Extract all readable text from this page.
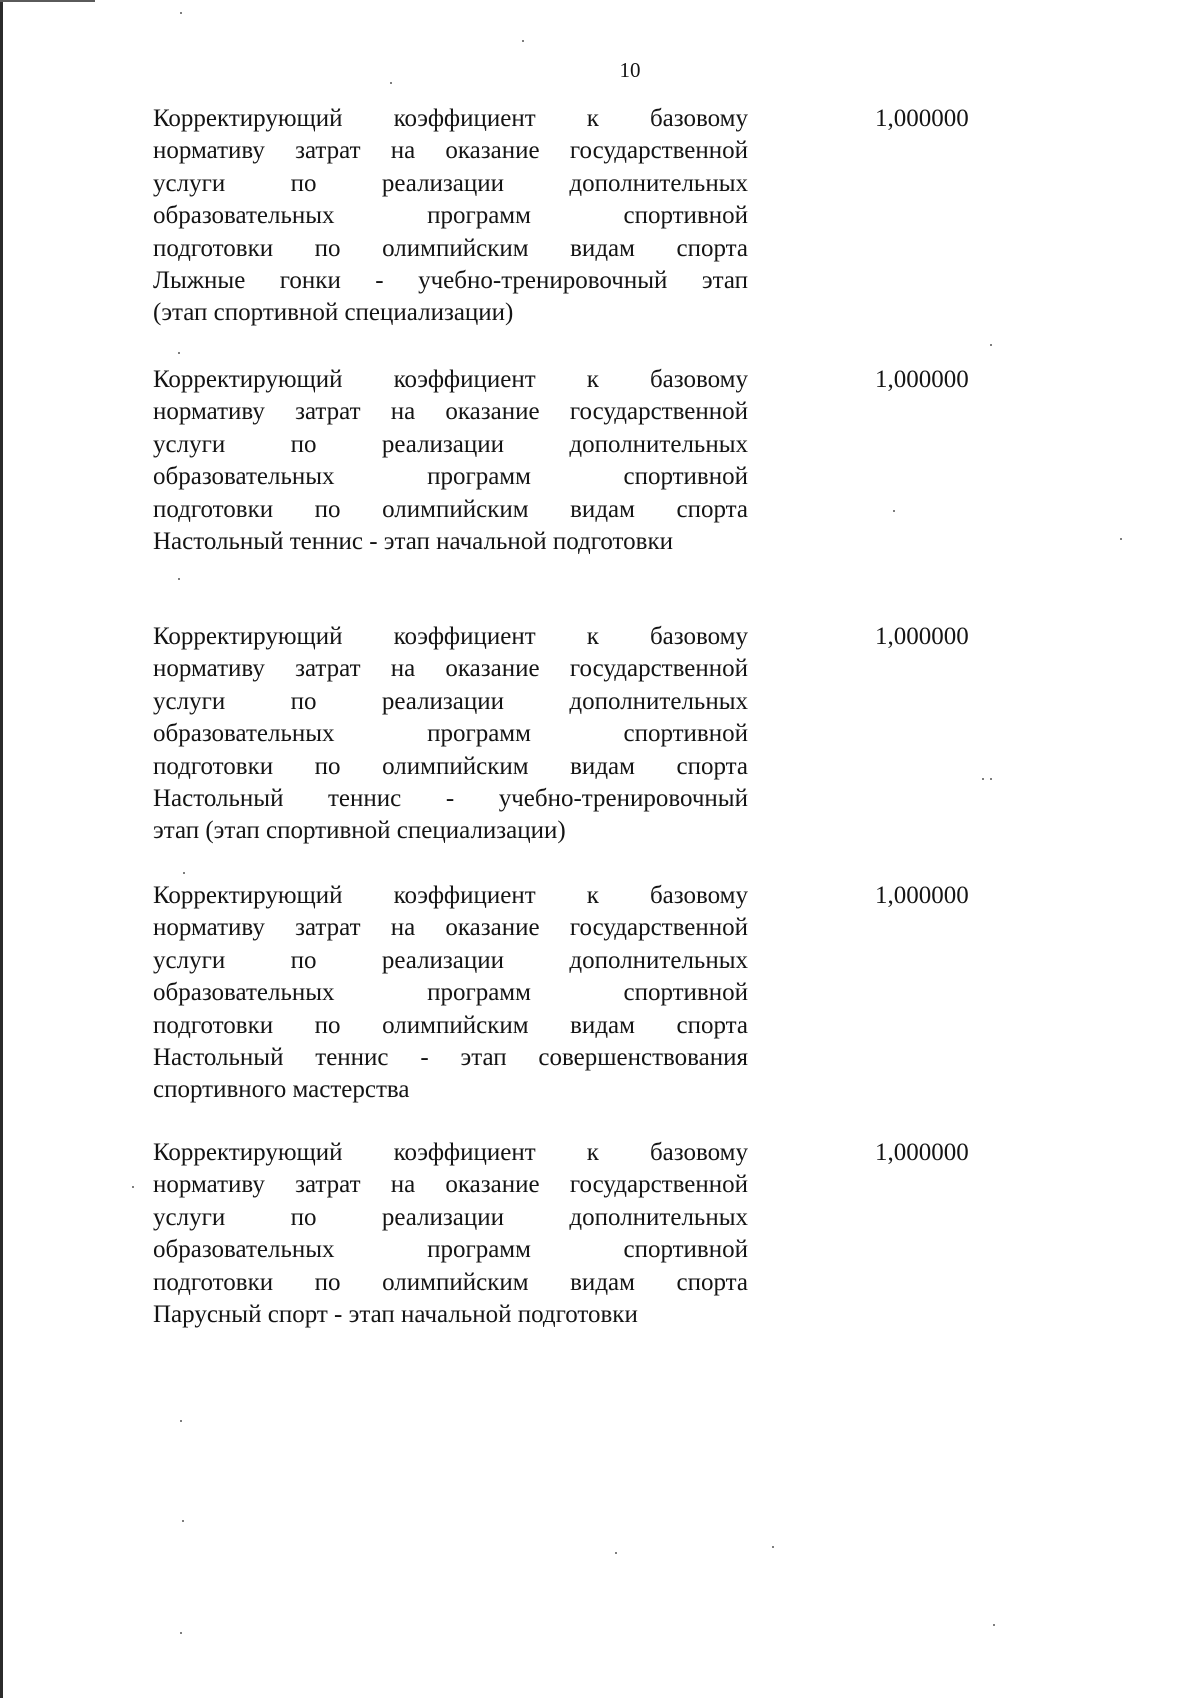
10
Корректирующий коэффициент к базовому
нормативу затрат на оказание государственной
услуги по реализации дополнительных
образовательных программ спортивной
подготовки по олимпийским видам спорта
Лыжные гонки - учебно-тренировочный этап
(этап спортивной специализации)
1,000000
Корректирующий коэффициент к базовому
нормативу затрат на оказание государственной
услуги по реализации дополнительных
образовательных программ спортивной
подготовки по олимпийским видам спорта
Настольный теннис - этап начальной подготовки
1,000000
Корректирующий коэффициент к базовому
нормативу затрат на оказание государственной
услуги по реализации дополнительных
образовательных программ спортивной
подготовки по олимпийским видам спорта
Настольный теннис - учебно-тренировочный
этап (этап спортивной специализации)
1,000000
Корректирующий коэффициент к базовому
нормативу затрат на оказание государственной
услуги по реализации дополнительных
образовательных программ спортивной
подготовки по олимпийским видам спорта
Настольный теннис - этап совершенствования
спортивного мастерства
1,000000
Корректирующий коэффициент к базовому
нормативу затрат на оказание государственной
услуги по реализации дополнительных
образовательных программ спортивной
подготовки по олимпийским видам спорта
Парусный спорт - этап начальной подготовки
1,000000
